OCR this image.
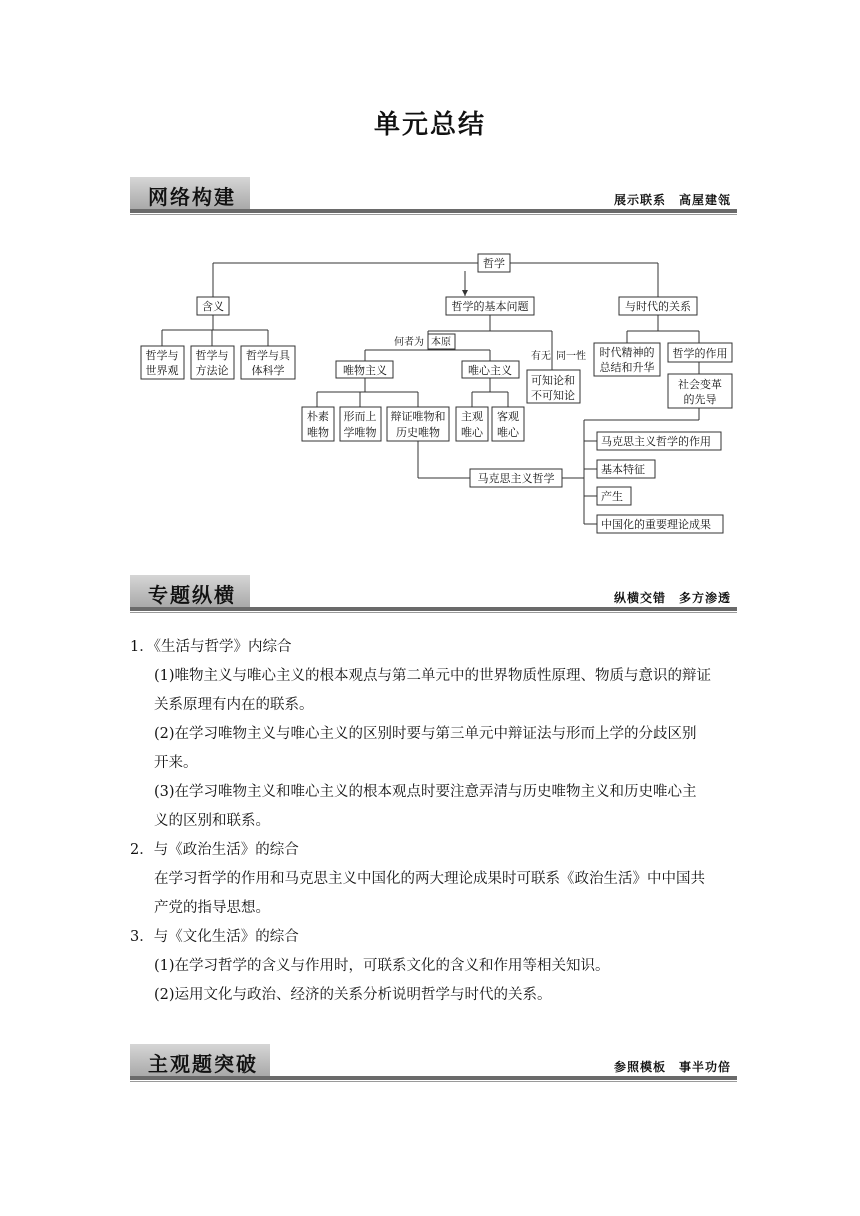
单元总结
网络构建	展示联系　高屋建瓴
哲学
含义	哲学的基本问题	与时代的关系
哲学与
世界观
哲学与
方法论
哲学与具
体科学
何者为 本原
有无 同一性
唯物主义	唯心主义
可知论和
不可知论
朴素
唯物
形而上
学唯物
辩证唯物和
历史唯物
主观
唯心
客观
唯心
时代精神的
总结和升华
哲学的作用
社会变革
的先导
马克思主义哲学
马克思主义哲学的作用
基本特征
产生
中国化的重要理论成果
专题纵横	纵横交错　多方渗透

1．《生活与哲学》内综合

(1)唯物主义与唯心主义的根本观点与第二单元中的世界物质性原理、物质与意识的辩证

关系原理有内在的联系。

(2)在学习唯物主义与唯心主义的区别时要与第三单元中辩证法与形而上学的分歧区别

开来。

(3)在学习唯物主义和唯心主义的根本观点时要注意弄清与历史唯物主义和历史唯心主

义的区别和联系。

2．与《政治生活》的综合

在学习哲学的作用和马克思主义中国化的两大理论成果时可联系《政治生活》中中国共

产党的指导思想。

3．与《文化生活》的综合

(1)在学习哲学的含义与作用时，可联系文化的含义和作用等相关知识。

(2)运用文化与政治、经济的关系分析说明哲学与时代的关系。

主观题突破	参照模板　事半功倍
